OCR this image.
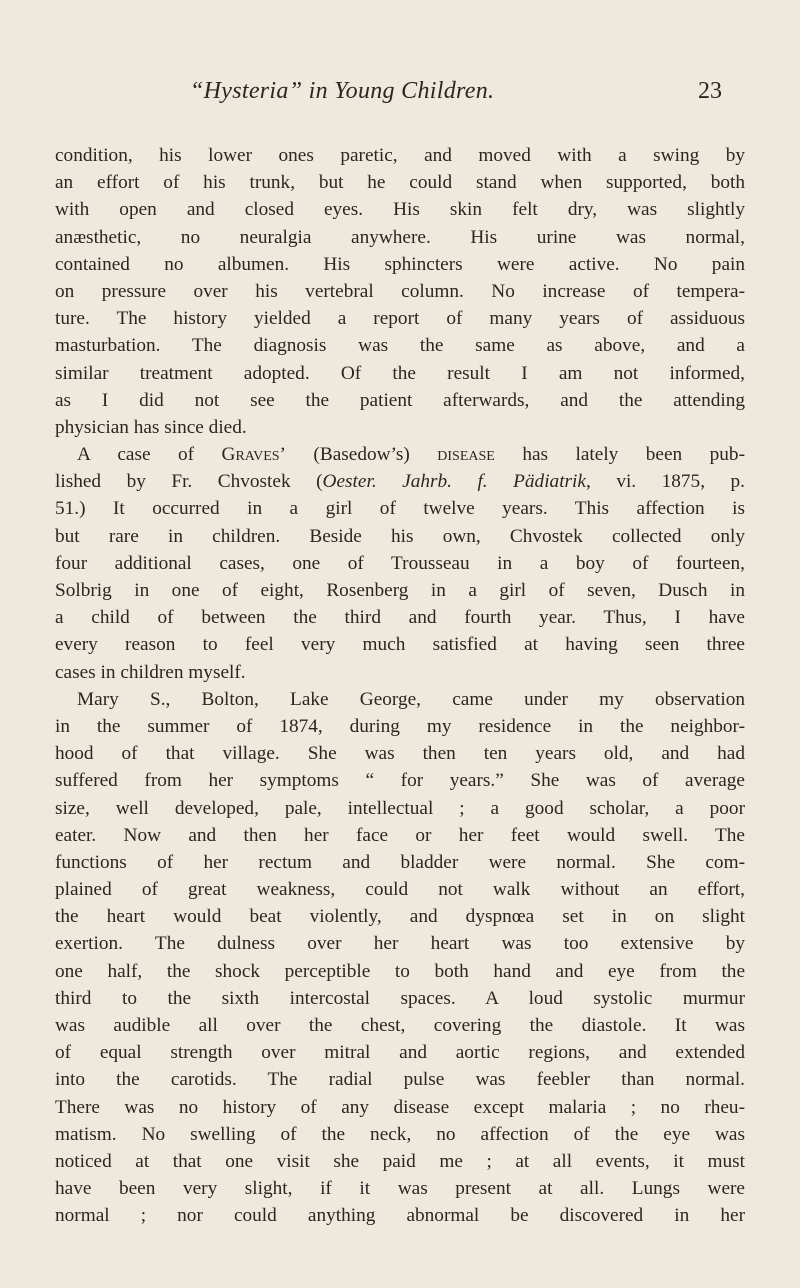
“Hysteria” in Young Children.	23
condition, his lower ones paretic, and moved with a swing by
an effort of his trunk, but he could stand when supported, both
with open and closed eyes. His skin felt dry, was slightly
anæsthetic, no neuralgia anywhere. His urine was normal,
contained no albumen. His sphincters were active. No pain
on pressure over his vertebral column. No increase of tempera-
ture. The history yielded a report of many years of assiduous
masturbation. The diagnosis was the same as above, and a
similar treatment adopted. Of the result I am not informed,
as I did not see the patient afterwards, and the attending
physician has since died.
A case of Graves’ (Basedow’s) disease has lately been pub-
lished by Fr. Chvostek (Oester. Jahrb. f. Pädiatrik, vi. 1875, p.
51.) It occurred in a girl of twelve years. This affection is
but rare in children. Beside his own, Chvostek collected only
four additional cases, one of Trousseau in a boy of fourteen,
Solbrig in one of eight, Rosenberg in a girl of seven, Dusch in
a child of between the third and fourth year. Thus, I have
every reason to feel very much satisfied at having seen three
cases in children myself.
Mary S., Bolton, Lake George, came under my observation
in the summer of 1874, during my residence in the neighbor-
hood of that village. She was then ten years old, and had
suffered from her symptoms “ for years.” She was of average
size, well developed, pale, intellectual ; a good scholar, a poor
eater. Now and then her face or her feet would swell. The
functions of her rectum and bladder were normal. She com-
plained of great weakness, could not walk without an effort,
the heart would beat violently, and dyspnœa set in on slight
exertion. The dulness over her heart was too extensive by
one half, the shock perceptible to both hand and eye from the
third to the sixth intercostal spaces. A loud systolic murmur
was audible all over the chest, covering the diastole. It was
of equal strength over mitral and aortic regions, and extended
into the carotids. The radial pulse was feebler than normal.
There was no history of any disease except malaria ; no rheu-
matism. No swelling of the neck, no affection of the eye was
noticed at that one visit she paid me ; at all events, it must
have been very slight, if it was present at all. Lungs were
normal ; nor could anything abnormal be discovered in her
